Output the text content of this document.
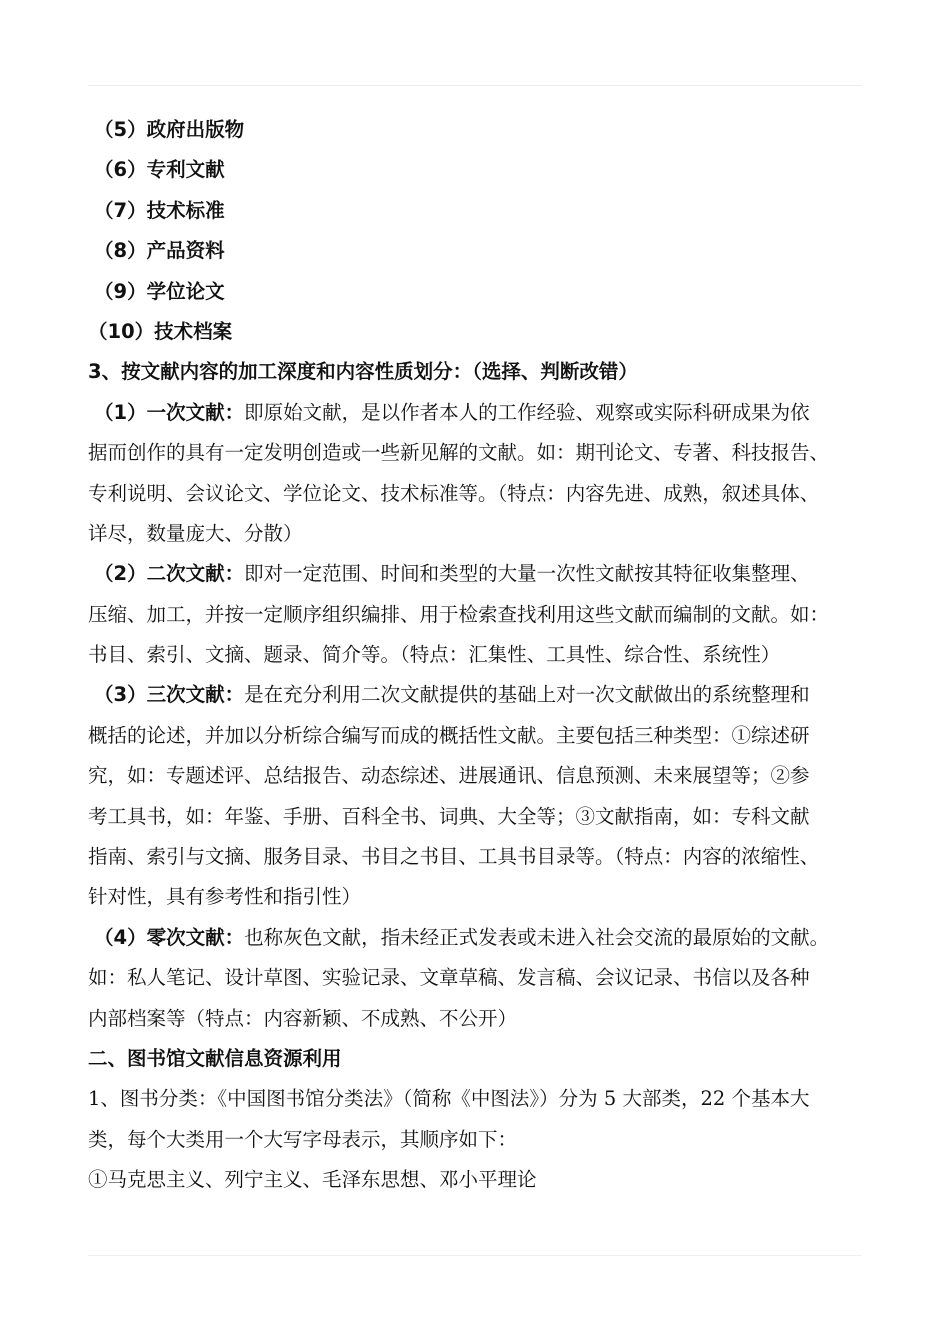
（5）政府出版物
（6）专利文献
（7）技术标准
（8）产品资料
（9）学位论文
（10）技术档案
3、按文献内容的加工深度和内容性质划分：（选择、判断改错）
（1）一次文献：即原始文献，是以作者本人的工作经验、观察或实际科研成果为依
据而创作的具有一定发明创造或一些新见解的文献。如：期刊论文、专著、科技报告、
专利说明、会议论文、学位论文、技术标准等。（特点：内容先进、成熟，叙述具体、
详尽，数量庞大、分散）
（2）二次文献：即对一定范围、时间和类型的大量一次性文献按其特征收集整理、
压缩、加工，并按一定顺序组织编排、用于检索查找利用这些文献而编制的文献。如：
书目、索引、文摘、题录、简介等。（特点：汇集性、工具性、综合性、系统性）
（3）三次文献：是在充分利用二次文献提供的基础上对一次文献做出的系统整理和
概括的论述，并加以分析综合编写而成的概括性文献。主要包括三种类型：①综述研
究，如：专题述评、总结报告、动态综述、进展通讯、信息预测、未来展望等；②参
考工具书，如：年鉴、手册、百科全书、词典、大全等；③文献指南，如：专科文献
指南、索引与文摘、服务目录、书目之书目、工具书目录等。（特点：内容的浓缩性、
针对性，具有参考性和指引性）
（4）零次文献：也称灰色文献，指未经正式发表或未进入社会交流的最原始的文献。
如：私人笔记、设计草图、实验记录、文章草稿、发言稿、会议记录、书信以及各种
内部档案等（特点：内容新颖、不成熟、不公开）
二、图书馆文献信息资源利用
1、图书分类：《中国图书馆分类法》（简称《中图法》）分为 5 大部类，22 个基本大
类，每个大类用一个大写字母表示，其顺序如下：
①马克思主义、列宁主义、毛泽东思想、邓小平理论
